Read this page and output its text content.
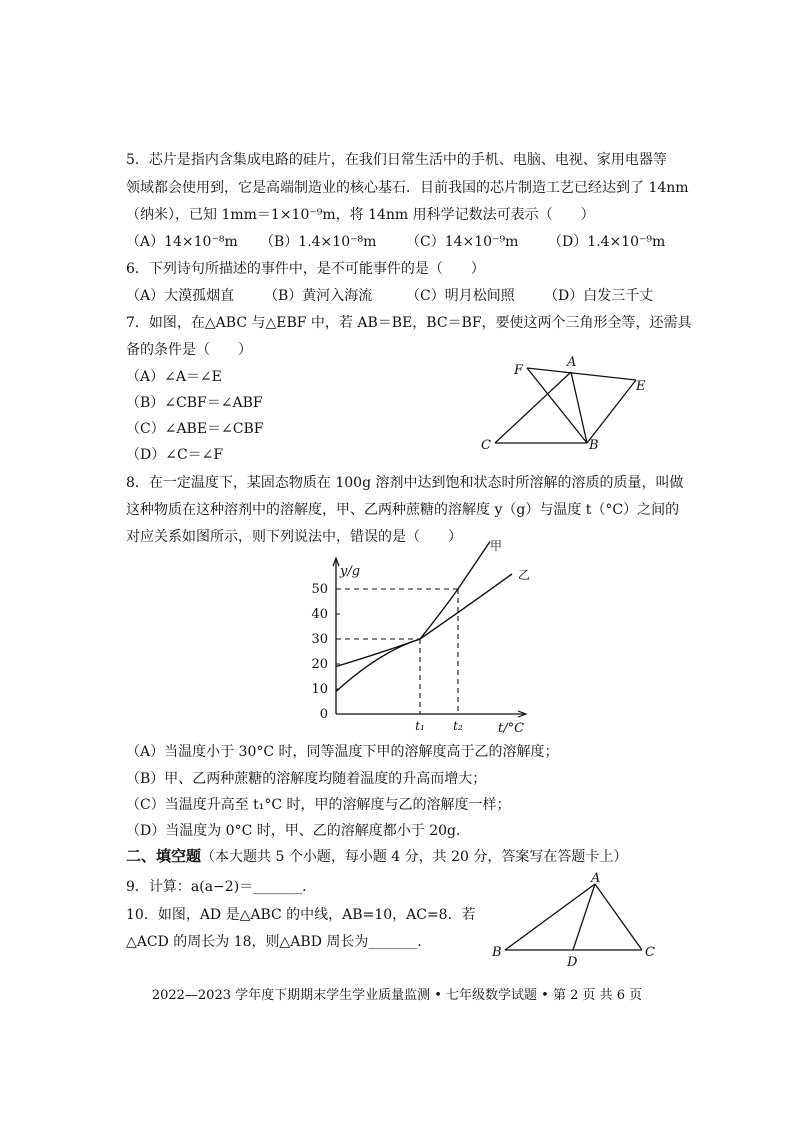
5．芯片是指内含集成电路的硅片，在我们日常生活中的手机、电脑、电视、家用电器等
领域都会使用到，它是高端制造业的核心基石．目前我国的芯片制造工艺已经达到了 14nm
（纳米），已知 1mm＝1×10⁻⁹m，将 14nm 用科学记数法可表示（　　）
（A）14×10⁻⁸m （B）1.4×10⁻⁸m （C）14×10⁻⁹m （D）1.4×10⁻⁹m
6．下列诗句所描述的事件中，是不可能事件的是（　　）
（A）大漠孤烟直 （B）黄河入海流 （C）明月松间照 （D）白发三千丈
7．如图，在△ABC 与△EBF 中，若 AB＝BE，BC＝BF，要使这两个三角形全等，还需具
备的条件是（　　）
（A）∠A＝∠E
（B）∠CBF＝∠ABF
（C）∠ABE＝∠CBF
（D）∠C＝∠F
F
A
E
C	B
8．在一定温度下，某固态物质在 100g 溶剂中达到饱和状态时所溶解的溶质的质量，叫做
这种物质在这种溶剂中的溶解度，甲、乙两种蔗糖的溶解度 y（g）与温度 t（°C）之间的
对应关系如图所示，则下列说法中，错误的是（　　）
0
10
20
30
40
50
t₁ t₂
甲
乙
y/g
t/°C
（A）当温度小于 30°C 时，同等温度下甲的溶解度高于乙的溶解度；
（B）甲、乙两种蔗糖的溶解度均随着温度的升高而增大；
（C）当温度升高至 t₁°C 时，甲的溶解度与乙的溶解度一样；
（D）当温度为 0°C 时，甲、乙的溶解度都小于 20g．
二、填空题（本大题共 5 个小题，每小题 4 分，共 20 分，答案写在答题卡上）
9．计算：a(a−2)＝_______．
10．如图，AD 是△ABC 的中线，AB=10，AC=8．若
△ACD 的周长为 18，则△ABD 周长为_______．
A
B	C
D
2022—2023 学年度下期期末学生学业质量监测 • 七年级数学试题 • 第 2 页 共 6 页
